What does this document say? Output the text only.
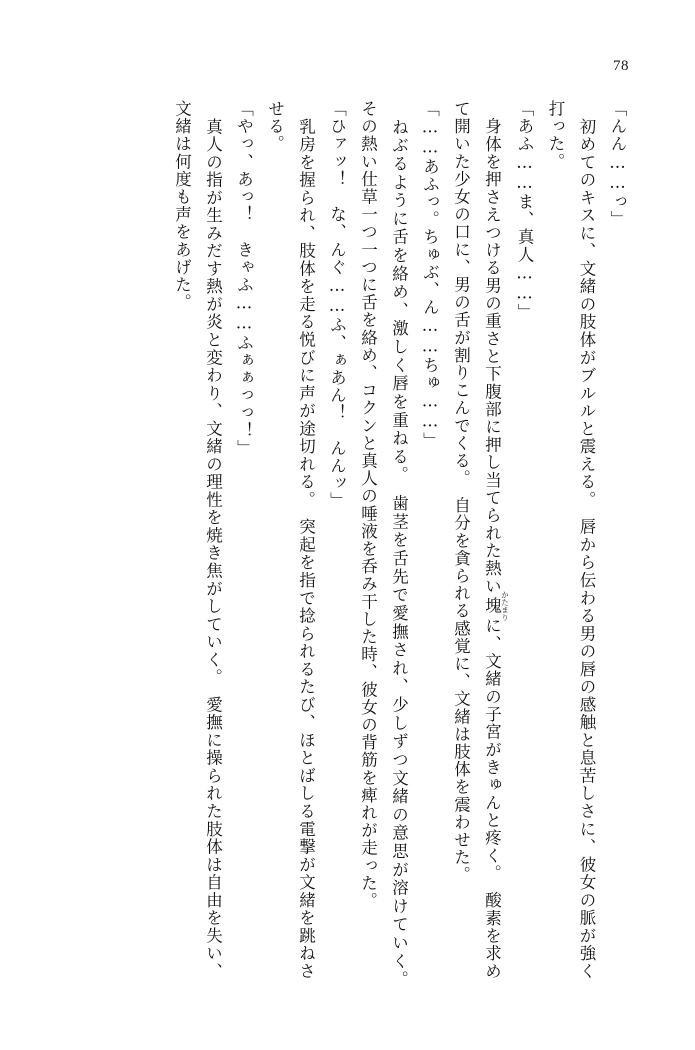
78

「んん……っ」

　初めてのキスに、文緒の肢体がブルルと震える。　唇から伝わる男の唇の感触と息苦しさに、彼女の脈が強く打った。

「あふ……ま、真人……」

　身体を押さえつける男の重さと下腹部に押し当てられた熱い塊 かたまりに、文緒の子宮がきゅんと疼く。　酸素を求めて開いた少女の口に、男の舌が割りこんでくる。　自分を貪られる感覚に、文緒は肢体を震わせた。

「……あふっ。ちゅぶ、ん……ちゅ……」

　ねぶるように舌を絡め、激しく唇を重ねる。　歯茎を舌先で愛撫され、少しずつ文緒の意思が溶けていく。　その熱い仕草一つ一つに舌を絡め、コクンと真人の唾液を呑み干した時、彼女の背筋を痺れが走った。

「ひァッ！　な、んぐ……ふ、ぁあん！　んんッ」

　乳房を握られ、肢体を走る悦びに声が途切れる。　突起を指で捻られるたび、ほとばしる電撃が文緒を跳ねさせる。

「やっ、あっ！　きゃふ……ふぁぁっっ！」

　真人の指が生みだす熱が炎と変わり、文緒の理性を焼き焦がしていく。　愛撫に操られた肢体は自由を失い、文緒は何度も声をあげた。
